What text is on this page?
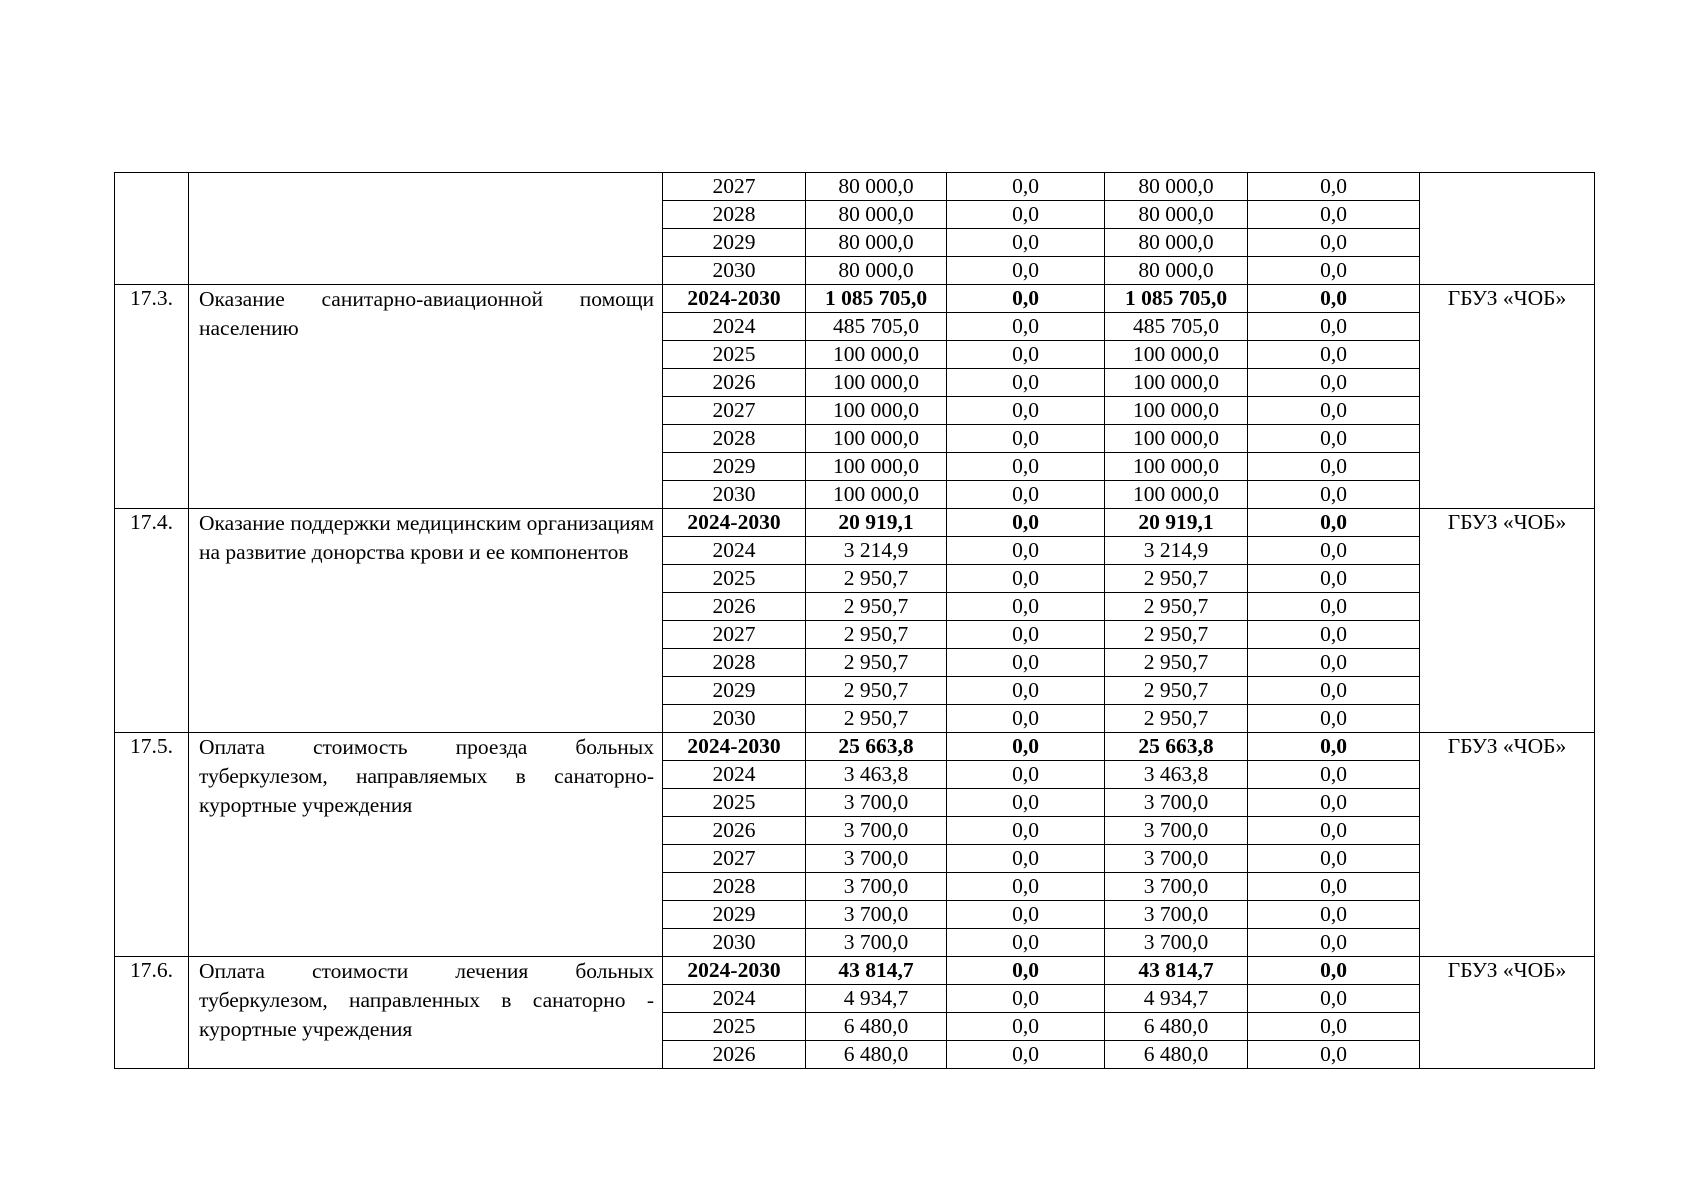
		2027	80 000,0	0,0	80 000,0	0,0	
		2028	80 000,0	0,0	80 000,0	0,0	
		2029	80 000,0	0,0	80 000,0	0,0	
		2030	80 000,0	0,0	80 000,0	0,0	
17.3.	Оказание санитарно-авиационной помощи населению	2024-2030	1 085 705,0	0,0	1 085 705,0	0,0	ГБУЗ «ЧОБ»
		2024	485 705,0	0,0	485 705,0	0,0	
		2025	100 000,0	0,0	100 000,0	0,0	
		2026	100 000,0	0,0	100 000,0	0,0	
		2027	100 000,0	0,0	100 000,0	0,0	
		2028	100 000,0	0,0	100 000,0	0,0	
		2029	100 000,0	0,0	100 000,0	0,0	
		2030	100 000,0	0,0	100 000,0	0,0	
17.4.	Оказание поддержки медицинским организациям на развитие донорства крови и ее компонентов	2024-2030	20 919,1	0,0	20 919,1	0,0	ГБУЗ «ЧОБ»
		2024	3 214,9	0,0	3 214,9	0,0	
		2025	2 950,7	0,0	2 950,7	0,0	
		2026	2 950,7	0,0	2 950,7	0,0	
		2027	2 950,7	0,0	2 950,7	0,0	
		2028	2 950,7	0,0	2 950,7	0,0	
		2029	2 950,7	0,0	2 950,7	0,0	
		2030	2 950,7	0,0	2 950,7	0,0	
17.5.	Оплата стоимость проезда больных туберкулезом, направляемых в санаторно-курортные учреждения	2024-2030	25 663,8	0,0	25 663,8	0,0	ГБУЗ «ЧОБ»
		2024	3 463,8	0,0	3 463,8	0,0	
		2025	3 700,0	0,0	3 700,0	0,0	
		2026	3 700,0	0,0	3 700,0	0,0	
		2027	3 700,0	0,0	3 700,0	0,0	
		2028	3 700,0	0,0	3 700,0	0,0	
		2029	3 700,0	0,0	3 700,0	0,0	
		2030	3 700,0	0,0	3 700,0	0,0	
17.6.	Оплата стоимости лечения больных туберкулезом, направленных в санаторно - курортные учреждения	2024-2030	43 814,7	0,0	43 814,7	0,0	ГБУЗ «ЧОБ»
		2024	4 934,7	0,0	4 934,7	0,0	
		2025	6 480,0	0,0	6 480,0	0,0	
		2026	6 480,0	0,0	6 480,0	0,0	
